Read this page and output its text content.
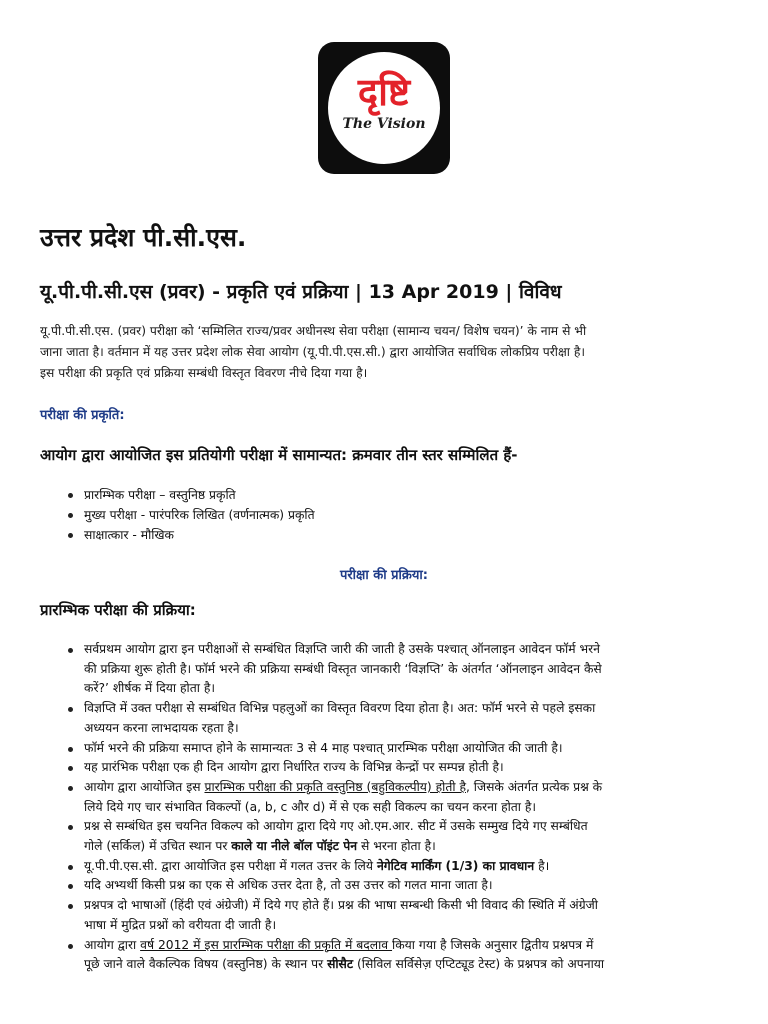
दृष्टि
The Vision
उत्तर प्रदेश पी.सी.एस.
यू.पी.पी.सी.एस (प्रवर) - प्रकृति एवं प्रक्रिया | 13 Apr 2019 | विविध
यू.पी.पी.सी.एस. (प्रवर) परीक्षा को ‘सम्मिलित राज्य/प्रवर अधीनस्थ सेवा परीक्षा (सामान्य चयन/ विशेष चयन)’ के नाम से भी
जाना जाता है। वर्तमान में यह उत्तर प्रदेश लोक सेवा आयोग (यू.पी.पी.एस.सी.) द्वारा आयोजित सर्वाधिक लोकप्रिय परीक्षा है।
इस परीक्षा की प्रकृति एवं प्रक्रिया सम्बंधी विस्तृत विवरण नीचे दिया गया है।
परीक्षा की प्रकृति:
आयोग द्वारा आयोजित इस प्रतियोगी परीक्षा में सामान्यत: क्रमवार तीन स्तर सम्मिलित हैं-
प्रारम्भिक परीक्षा – वस्तुनिष्ठ प्रकृति
मुख्य परीक्षा - पारंपरिक लिखित (वर्णनात्मक) प्रकृति
साक्षात्कार - मौखिक
परीक्षा की प्रक्रिया:
प्रारम्भिक परीक्षा की प्रक्रिया:
सर्वप्रथम आयोग द्वारा इन परीक्षाओं से सम्बंधित विज्ञप्ति जारी की जाती है उसके पश्चात् ऑनलाइन आवेदन फॉर्म भरने
की प्रक्रिया शुरू होती है। फॉर्म भरने की प्रक्रिया सम्बंधी विस्तृत जानकारी ‘विज्ञप्ति’ के अंतर्गत ‘ऑनलाइन आवेदन कैसे
करें?’ शीर्षक में दिया होता है।
विज्ञप्ति में उक्त परीक्षा से सम्बंधित विभिन्न पहलुओं का विस्तृत विवरण दिया होता है। अत: फॉर्म भरने से पहले इसका
अध्ययन करना लाभदायक रहता है।
फॉर्म भरने की प्रक्रिया समाप्त होने के सामान्यतः 3 से 4 माह पश्चात् प्रारम्भिक परीक्षा आयोजित की जाती है।
यह प्रारंभिक परीक्षा एक ही दिन आयोग द्वारा निर्धारित राज्य के विभिन्न केन्द्रों पर सम्पन्न होती है।
आयोग द्वारा आयोजित इस प्रारम्भिक परीक्षा की प्रकृति वस्तुनिष्ठ (बहुविकल्पीय) होती है, जिसके अंतर्गत प्रत्येक प्रश्न के
लिये दिये गए चार संभावित विकल्पों (a, b, c और d) में से एक सही विकल्प का चयन करना होता है।
प्रश्न से सम्बंधित इस चयनित विकल्प को आयोग द्वारा दिये गए ओ.एम.आर. सीट में उसके सम्मुख दिये गए सम्बंधित
गोले (सर्किल) में उचित स्थान पर काले या नीले बॉल पॉइंट पेन से भरना होता है।
यू.पी.पी.एस.सी. द्वारा आयोजित इस परीक्षा में गलत उत्तर के लिये नेगेटिव मार्किंग (1/3) का प्रावधान है।
यदि अभ्यर्थी किसी प्रश्न का एक से अधिक उत्तर देता है, तो उस उत्तर को गलत माना जाता है।
प्रश्नपत्र दो भाषाओं (हिंदी एवं अंग्रेजी) में दिये गए होते हैं। प्रश्न की भाषा सम्बन्धी किसी भी विवाद की स्थिति में अंग्रेजी
भाषा में मुद्रित प्रश्नों को वरीयता दी जाती है।
आयोग द्वारा वर्ष 2012 में इस प्रारम्भिक परीक्षा की प्रकृति में बदलाव किया गया है जिसके अनुसार द्वितीय प्रश्नपत्र में
पूछे जाने वाले वैकल्पिक विषय (वस्तुनिष्ठ) के स्थान पर सीसैट (सिविल सर्विसेज़ एप्टिट्यूड टेस्ट) के प्रश्नपत्र को अपनाया
